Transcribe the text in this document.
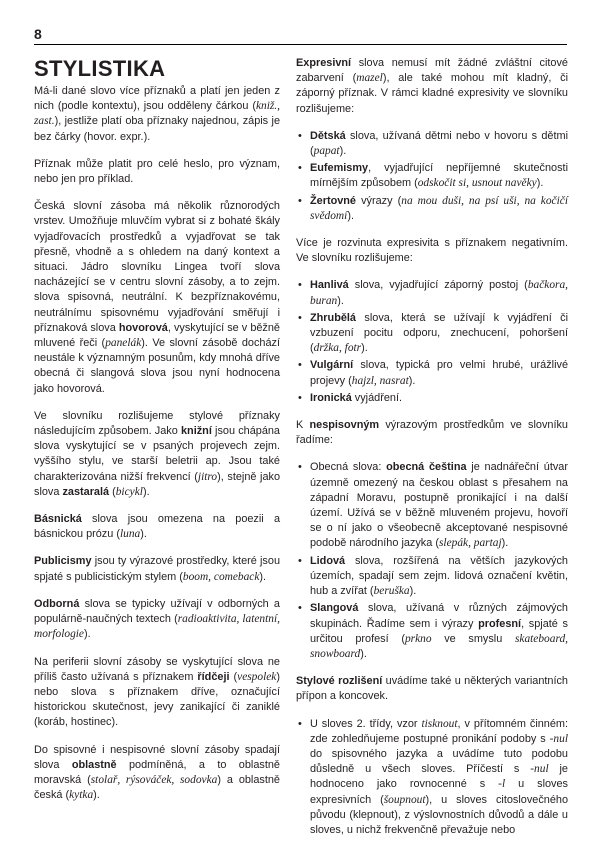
8
STYLISTIKA

Má-li dané slovo více příznaků a platí jen jeden z nich (podle kontextu), jsou odděleny čárkou (kniž., zast.), jestliže platí oba příznaky najednou, zápis je bez čárky (hovor. expr.).

Příznak může platit pro celé heslo, pro význam, nebo jen pro příklad.

Česká slovní zásoba má několik různorodých vrstev. Umožňuje mluvčím vybrat si z bohaté škály vyjadřovacích prostředků a vyjadřovat se tak přesně, vhodně a s ohledem na daný kontext a situaci. Jádro slovníku Lingea tvoří slova nacházející se v centru slovní zásoby, a to zejm. slova spisovná, neutrální. K bezpříznakovému, neutrálnímu spisovnému vyjadřování směřují i příznaková slova hovorová, vyskytující se v běžně mluvené řeči (panelák). Ve slovní zásobě dochází neustále k významným posunům, kdy mnohá dříve obecná či slangová slova jsou nyní hodnocena jako hovorová.

Ve slovníku rozlišujeme stylové příznaky následujícím způsobem. Jako knižní jsou chápána slova vyskytující se v psaných projevech zejm. vyššího stylu, ve starší beletrii ap. Jsou také charakterizována nižší frekvencí (jitro), stejně jako slova zastaralá (bicykl).

Básnická slova jsou omezena na poezii a básnickou prózu (luna).

Publicismy jsou ty výrazové prostředky, které jsou spjaté s publicistickým stylem (boom, comeback).

Odborná slova se typicky užívají v odborných a populárně-naučných textech (radioaktivita, latentní, morfologie).

Na periferii slovní zásoby se vyskytující slova ne příliš často užívaná s příznakem řídčeji (vespolek) nebo slova s příznakem dříve, označující historickou skutečnost, jevy zanikající či zaniklé (koráb, hostinec).

Do spisovné i nespisovné slovní zásoby spadají slova oblastně podmíněná, a to oblastně moravská (stolař, rýsováček, sodovka) a oblastně česká (kytka).

Expresivní slova nemusí mít žádné zvláštní citové zabarvení (mazel), ale také mohou mít kladný, či záporný příznak. V rámci kladné expresivity ve slovníku rozlišujeme:

• Dětská slova, užívaná dětmi nebo v hovoru s dětmi (papat).
• Eufemismy, vyjadřující nepříjemné skutečnosti mírnějším způsobem (odskočit si, usnout navěky).
• Žertovné výrazy (na mou duši, na psí uši, na kočičí svědomí).

Více je rozvinuta expresivita s příznakem negativním. Ve slovníku rozlišujeme:

• Hanlivá slova, vyjadřující záporný postoj (bačkora, buran).
• Zhrubělá slova, která se užívají k vyjádření či vzbuzení pocitu odporu, znechucení, pohoršení (držka, fotr).
• Vulgární slova, typická pro velmi hrubé, urážlivé projevy (hajzl, nasrat).
• Ironická vyjádření.

K nespisovným výrazovým prostředkům ve slovníku řadíme:

• Obecná slova: obecná čeština je nadnářeční útvar územně omezený na českou oblast s přesahem na západní Moravu, postupně pronikající i na další území. Užívá se v běžně mluveném projevu, hovoří se o ní jako o všeobecně akceptované nespisovné podobě národního jazyka (slepák, partaj).
• Lidová slova, rozšířená na větších jazykových územích, spadají sem zejm. lidová označení květin, hub a zvířat (beruška).
• Slangová slova, užívaná v různých zájmových skupinách. Řadíme sem i výrazy profesní, spjaté s určitou profesí (prkno ve smyslu skateboard, snowboard).

Stylové rozlišení uvádíme také u některých variantních přípon a koncovek.

• U sloves 2. třídy, vzor tisknout, v přítomném činném: zde zohledňujeme postupné pronikání podoby s -nul do spisovného jazyka a uvádíme tuto podobu důsledně u všech sloves. Příčestí s -nul je hodnoceno jako rovnocenné s -l u sloves expresivních (šoupnout), u sloves citoslovečného původu (klepnout), z výslovnostních důvodů a dále u sloves, u nichž frekvenčně převažuje nebo
